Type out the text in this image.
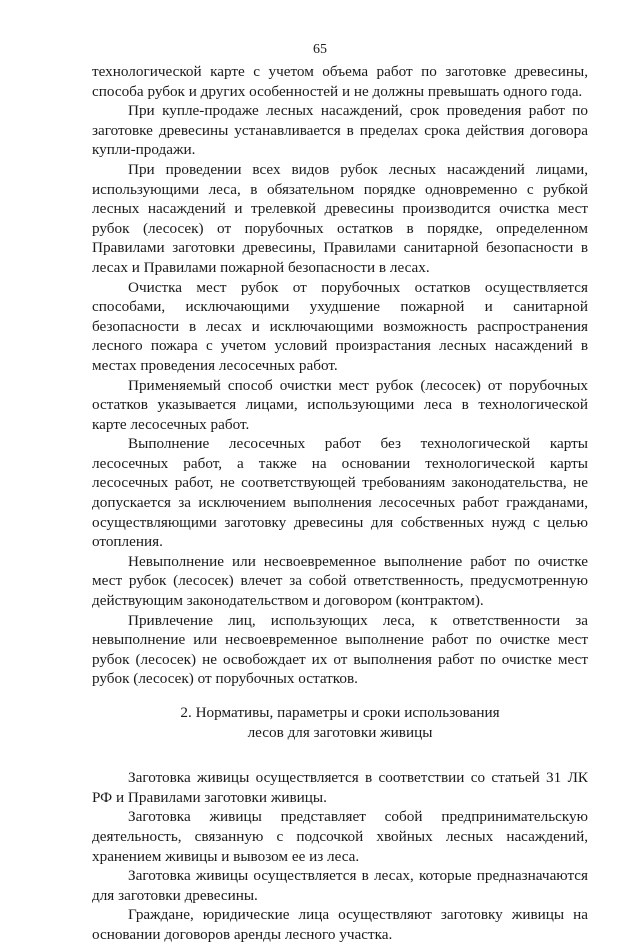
65

технологической карте с учетом объема работ по заготовке древесины, способа рубок и других особенностей и не должны превышать одного года.

При купле-продаже лесных насаждений, срок проведения работ по заготовке древесины устанавливается в пределах срока действия договора купли-продажи.

При проведении всех видов рубок лесных насаждений лицами, использующими леса, в обязательном порядке одновременно с рубкой лесных насаждений и трелевкой древесины производится очистка мест рубок (лесосек) от порубочных остатков в порядке, определенном Правилами заготовки древесины, Правилами санитарной безопасности в лесах и Правилами пожарной безопасности в лесах.

Очистка мест рубок от порубочных остатков осуществляется способами, исключающими ухудшение пожарной и санитарной безопасности в лесах и исключающими возможность распространения лесного пожара с учетом условий произрастания лесных насаждений в местах проведения лесосечных работ.

Применяемый способ очистки мест рубок (лесосек) от порубочных остатков указывается лицами, использующими леса в технологической карте лесосечных работ.

Выполнение лесосечных работ без технологической карты лесосечных работ, а также на основании технологической карты лесосечных работ, не соответствующей требованиям законодательства, не допускается за исключением выполнения лесосечных работ гражданами, осуществляющими заготовку древесины для собственных нужд с целью отопления.

Невыполнение или несвоевременное выполнение работ по очистке мест рубок (лесосек) влечет за собой ответственность, предусмотренную действующим законодательством и договором (контрактом).

Привлечение лиц, использующих леса, к ответственности за невыполнение или несвоевременное выполнение работ по очистке мест рубок (лесосек) не освобождает их от выполнения работ по очистке мест рубок (лесосек) от порубочных остатков.

2. Нормативы, параметры и сроки использования
лесов для заготовки живицы

Заготовка живицы осуществляется в соответствии со статьей 31 ЛК РФ и Правилами заготовки живицы.

Заготовка живицы представляет собой предпринимательскую деятельность, связанную с подсочкой хвойных лесных насаждений, хранением живицы и вывозом ее из леса.

Заготовка живицы осуществляется в лесах, которые предназначаются для заготовки древесины.

Граждане, юридические лица осуществляют заготовку живицы на основании договоров аренды лесного участка.
